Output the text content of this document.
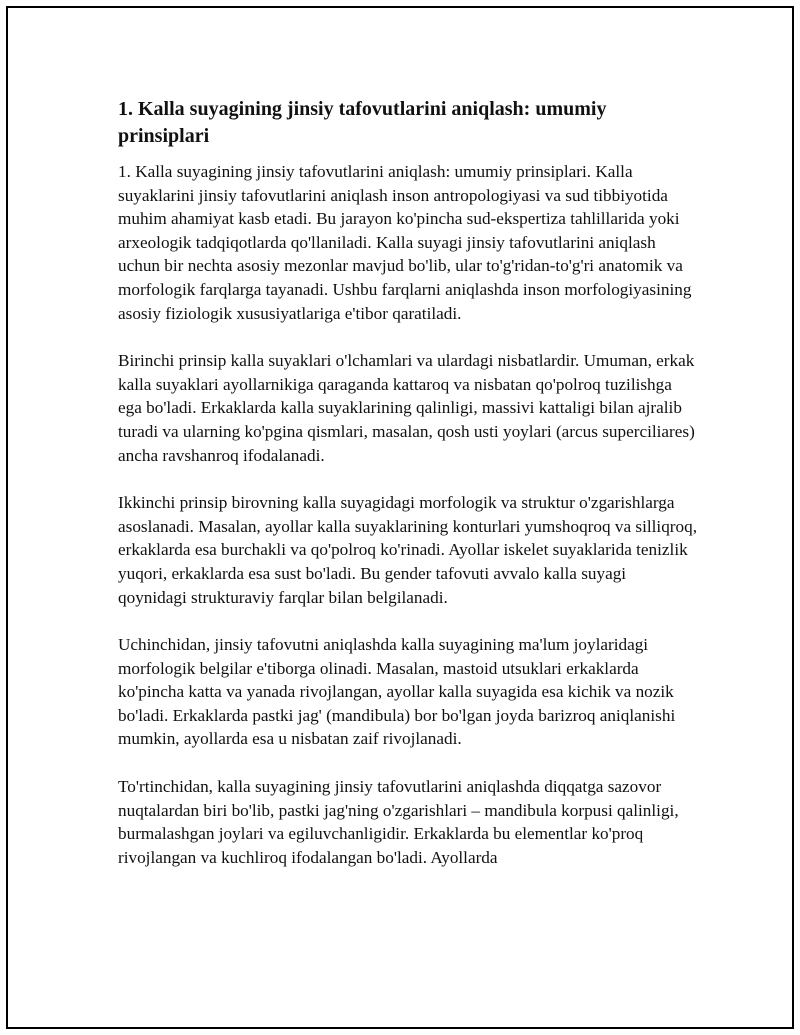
1. Kalla suyagining jinsiy tafovutlarini aniqlash: umumiy prinsiplari

1. Kalla suyagining jinsiy tafovutlarini aniqlash: umumiy prinsiplari. Kalla suyaklarini jinsiy tafovutlarini aniqlash inson antropologiyasi va sud tibbiyotida muhim ahamiyat kasb etadi. Bu jarayon ko'pincha sud-ekspertiza tahlillarida yoki arxeologik tadqiqotlarda qo'llaniladi. Kalla suyagi jinsiy tafovutlarini aniqlash uchun bir nechta asosiy mezonlar mavjud bo'lib, ular to'g'ridan-to'g'ri anatomik va morfologik farqlarga tayanadi. Ushbu farqlarni aniqlashda inson morfologiyasining asosiy fiziologik xususiyatlariga e'tibor qaratiladi.

Birinchi prinsip kalla suyaklari o'lchamlari va ulardagi nisbatlardir. Umuman, erkak kalla suyaklari ayollarnikiga qaraganda kattaroq va nisbatan qo'polroq tuzilishga ega bo'ladi. Erkaklarda kalla suyaklarining qalinligi, massivi kattaligi bilan ajralib turadi va ularning ko'pgina qismlari, masalan, qosh usti yoylari (arcus superciliares) ancha ravshanroq ifodalanadi.

Ikkinchi prinsip birovning kalla suyagidagi morfologik va struktur o'zgarishlarga asoslanadi. Masalan, ayollar kalla suyaklarining konturlari yumshoqroq va silliqroq, erkaklarda esa burchakli va qo'polroq ko'rinadi. Ayollar iskelet suyaklarida tenizlik yuqori, erkaklarda esa sust bo'ladi. Bu gender tafovuti avvalo kalla suyagi qoynidagi strukturaviy farqlar bilan belgilanadi.

Uchinchidan, jinsiy tafovutni aniqlashda kalla suyagining ma'lum joylaridagi morfologik belgilar e'tiborga olinadi. Masalan, mastoid utsuklari erkaklarda ko'pincha katta va yanada rivojlangan, ayollar kalla suyagida esa kichik va nozik bo'ladi. Erkaklarda pastki jag' (mandibula) bor bo'lgan joyda barizroq aniqlanishi mumkin, ayollarda esa u nisbatan zaif rivojlanadi.

To'rtinchidan, kalla suyagining jinsiy tafovutlarini aniqlashda diqqatga sazovor nuqtalardan biri bo'lib, pastki jag'ning o'zgarishlari – mandibula korpusi qalinligi, burmalashgan joylari va egiluvchanligidir. Erkaklarda bu elementlar ko'proq rivojlangan va kuchliroq ifodalangan bo'ladi. Ayollarda
